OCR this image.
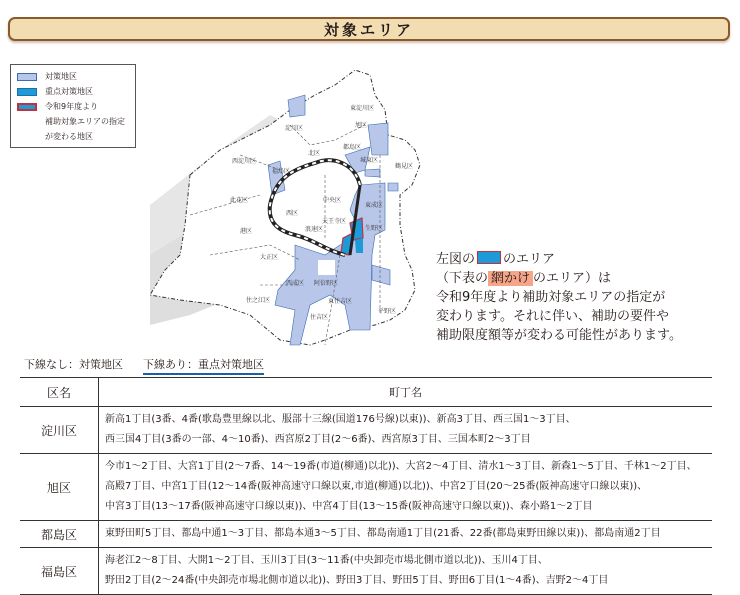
対象エリア
対策地区
重点対策地区
令和9年度より
補助対象エリアの指定
が変わる地区
東淀川区
淀川区
西淀川区
北区
都島区
旭区
城東区
鶴見区
福島区
此花区	中央区
西区
天王寺区
東成区
生野区
港区	浪速区
大正区
西成区 阿倍野区
住之江区	東住吉区
住吉区
平野区
左図の のエリア
（下表の 網かけ のエリア）は
令和9年度より補助対象エリアの指定が
変わります。それに伴い、補助の要件や
補助限度額等が変わる可能性があります。
下線なし：対策地区 下線あり：重点対策地区
区名	町丁名
淀川区	新高1丁目(3番、4番(歌島豊里線以北、服部十三線(国道176号線)以東))、新高3丁目、西三国1～3丁目、
西三国4丁目(3番の一部、4～10番)、西宮原2丁目(2～6番)、西宮原3丁目、三国本町2～3丁目

旭区	今市1～2丁目、大宮1丁目(2～7番、14～19番(市道(柳通)以北))、大宮2～4丁目、清水1～3丁目、新森1～5丁目、千林1～2丁目、
高殿7丁目、中宮1丁目(12～14番(阪神高速守口線以東,市道(柳通)以北))、中宮2丁目(20～25番(阪神高速守口線以東))、
中宮3丁目(13～17番(阪神高速守口線以東))、中宮4丁目(13～15番(阪神高速守口線以東))、森小路1～2丁目

都島区	東野田町5丁目、都島中通1～3丁目、都島本通3～5丁目、都島南通1丁目(21番、22番(都島東野田線以東))、都島南通2丁目

福島区	海老江2～8丁目、大開1～2丁目、玉川3丁目(3～11番(中央卸売市場北側市道以北))、玉川4丁目、
野田2丁目(2～24番(中央卸売市場北側市道以北))、野田3丁目、野田5丁目、野田6丁目(1～4番)、吉野2～4丁目
